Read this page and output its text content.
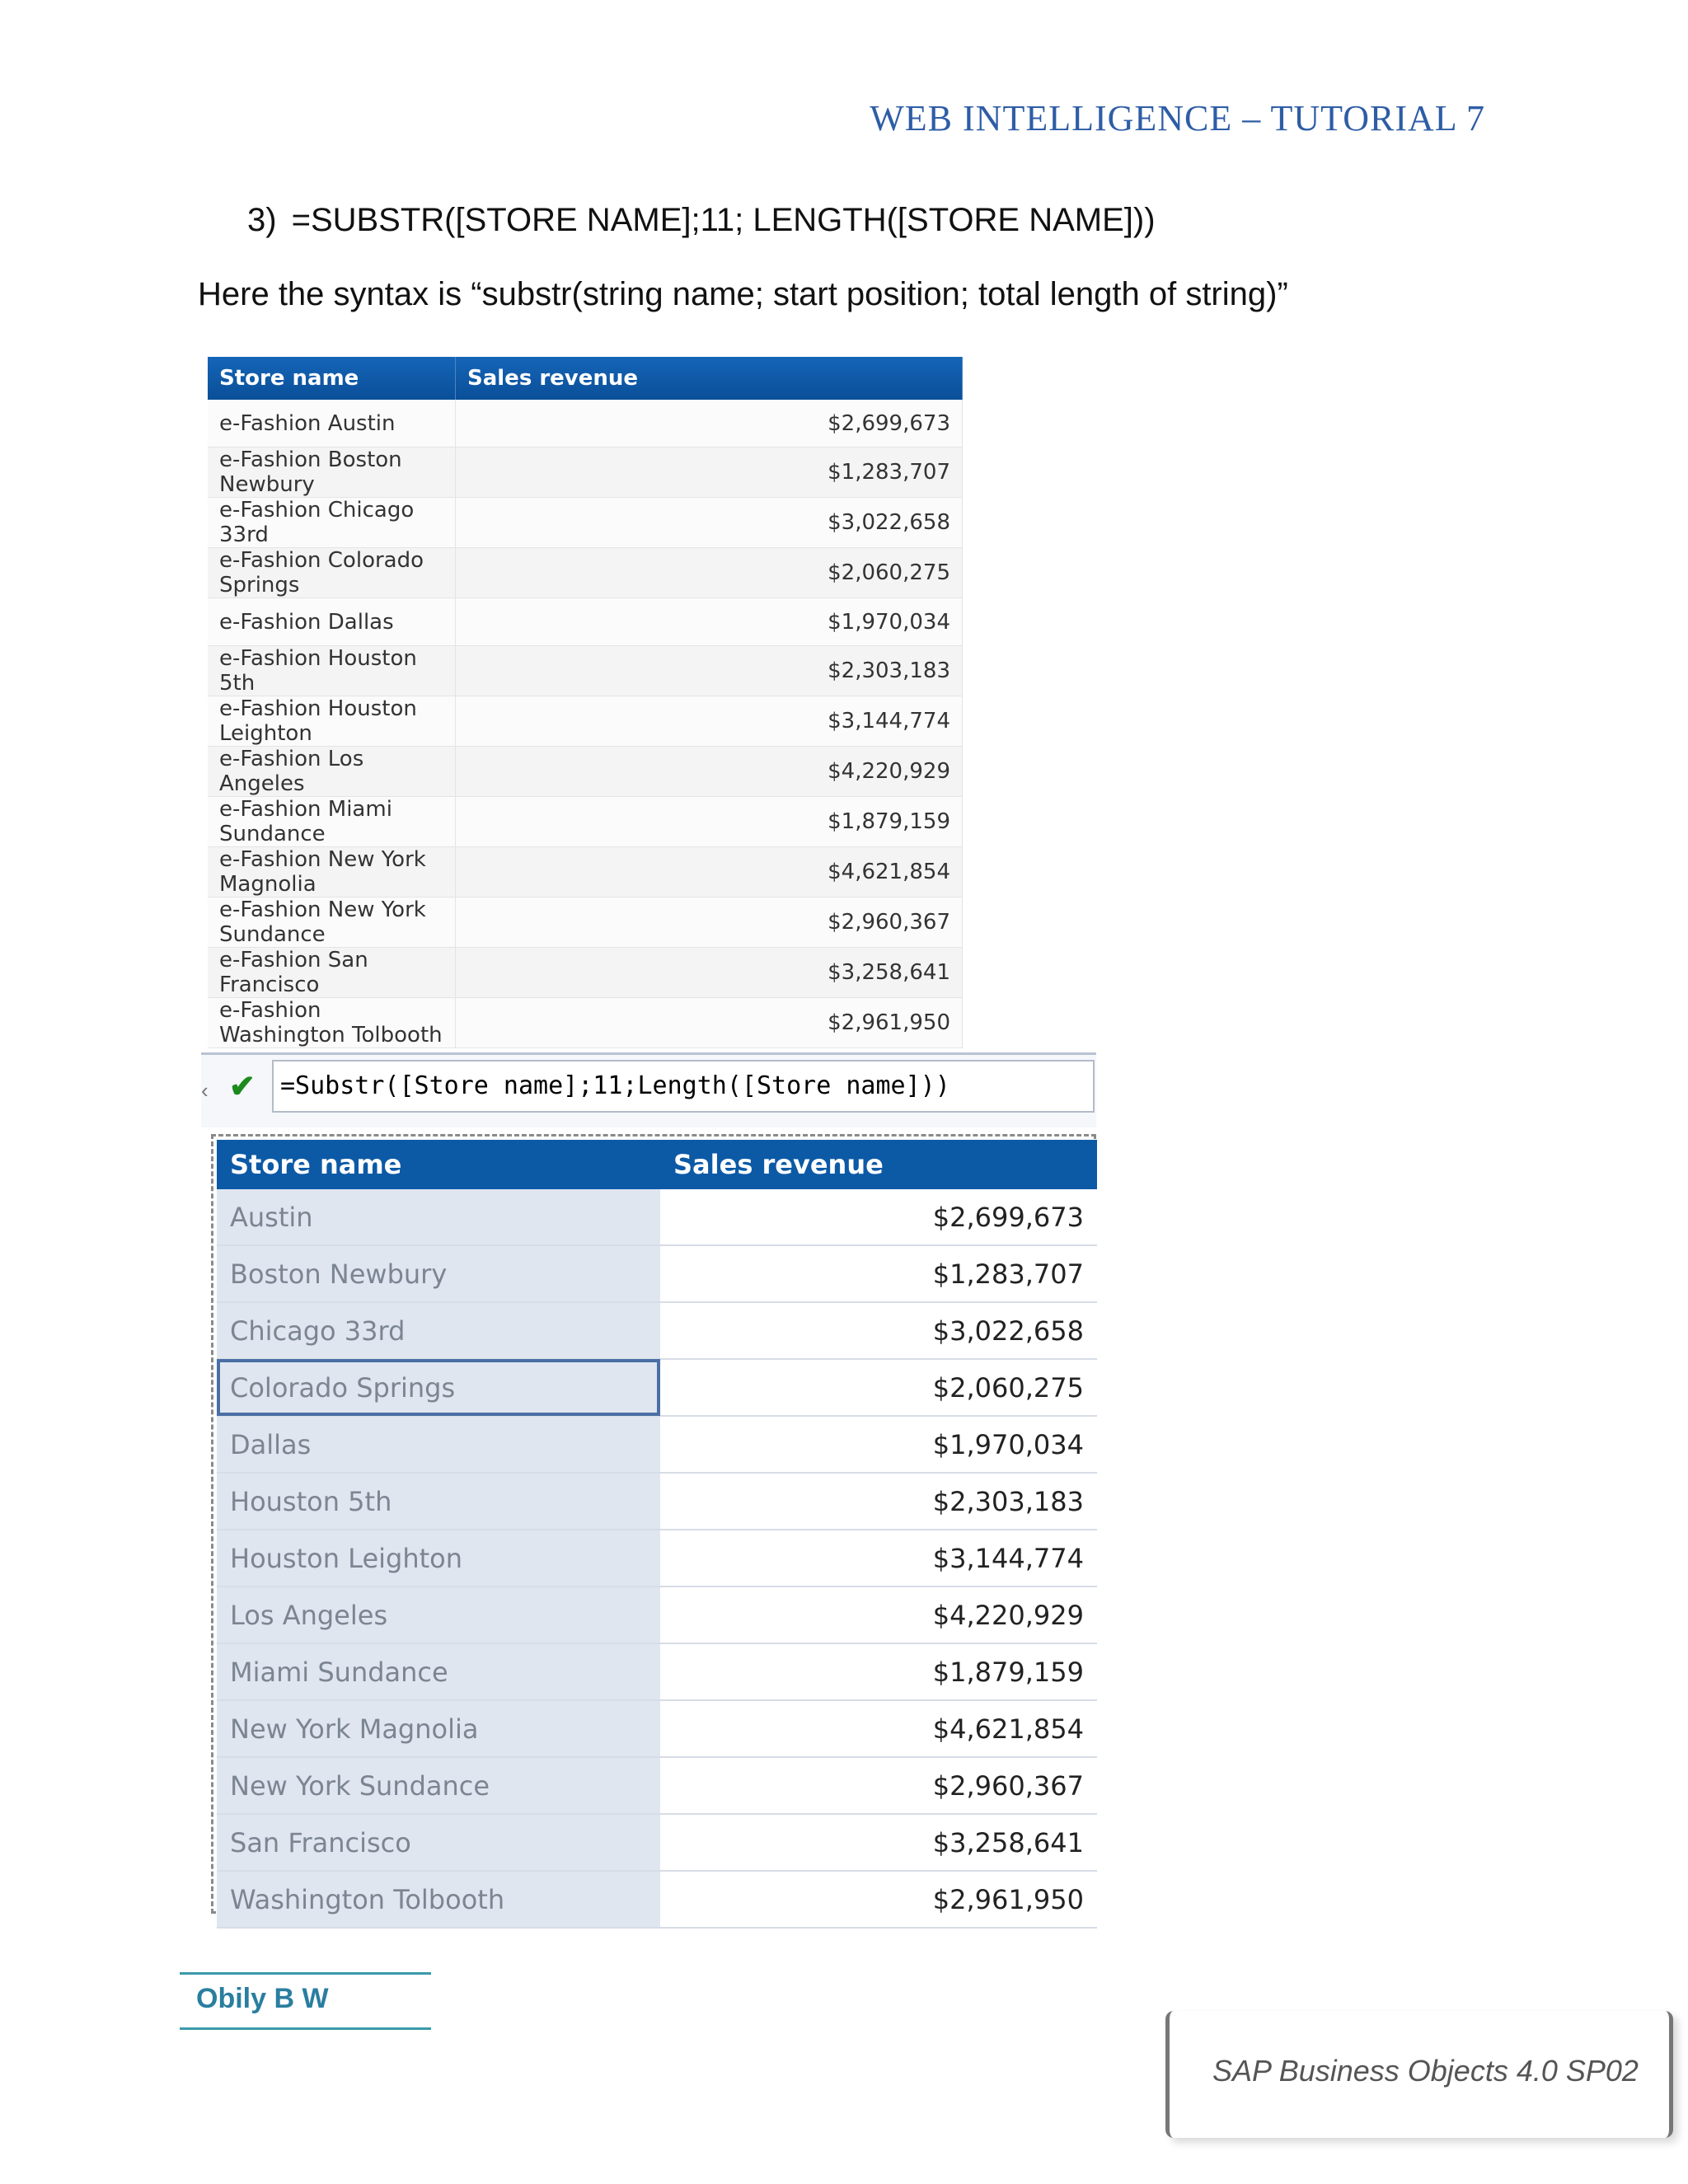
WEB INTELLIGENCE – TUTORIAL 7
3) =SUBSTR([STORE NAME];11; LENGTH([STORE NAME]))
Here the syntax is “substr(string name; start position; total length of string)”
Store name	Sales revenue
e-Fashion Austin	$2,699,673
e-Fashion Boston Newbury	$1,283,707
e-Fashion Chicago 33rd	$3,022,658
e-Fashion Colorado Springs	$2,060,275
e-Fashion Dallas	$1,970,034
e-Fashion Houston 5th	$2,303,183
e-Fashion Houston Leighton	$3,144,774
e-Fashion Los Angeles	$4,220,929
e-Fashion Miami Sundance	$1,879,159
e-Fashion New York Magnolia	$4,621,854
e-Fashion New York Sundance	$2,960,367
e-Fashion San Francisco	$3,258,641
e-Fashion Washington Tolbooth	$2,961,950
‹ ✔	=Substr([Store name];11;Length([Store name]))
Store name	Sales revenue
Austin	$2,699,673
Boston Newbury	$1,283,707
Chicago 33rd	$3,022,658
Colorado Springs	$2,060,275
Dallas	$1,970,034
Houston 5th	$2,303,183
Houston Leighton	$3,144,774
Los Angeles	$4,220,929
Miami Sundance	$1,879,159
New York Magnolia	$4,621,854
New York Sundance	$2,960,367
San Francisco	$3,258,641
Washington Tolbooth	$2,961,950
Obily B W
SAP Business Objects 4.0 SP02
